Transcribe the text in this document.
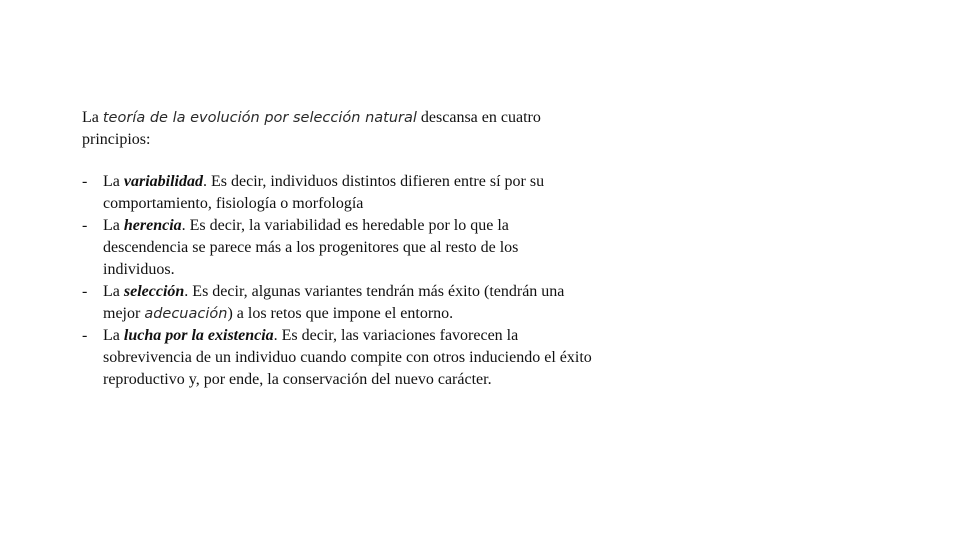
La teoría de la evolución por selección natural descansa en cuatro principios:

- La variabilidad. Es decir, individuos distintos difieren entre sí por su comportamiento, fisiología o morfología
- La herencia. Es decir, la variabilidad es heredable por lo que la descendencia se parece más a los progenitores que al resto de los individuos.
- La selección. Es decir, algunas variantes tendrán más éxito (tendrán una mejor adecuación) a los retos que impone el entorno.
- La lucha por la existencia. Es decir, las variaciones favorecen la sobrevivencia de un individuo cuando compite con otros induciendo el éxito reproductivo y, por ende, la conservación del nuevo carácter.
